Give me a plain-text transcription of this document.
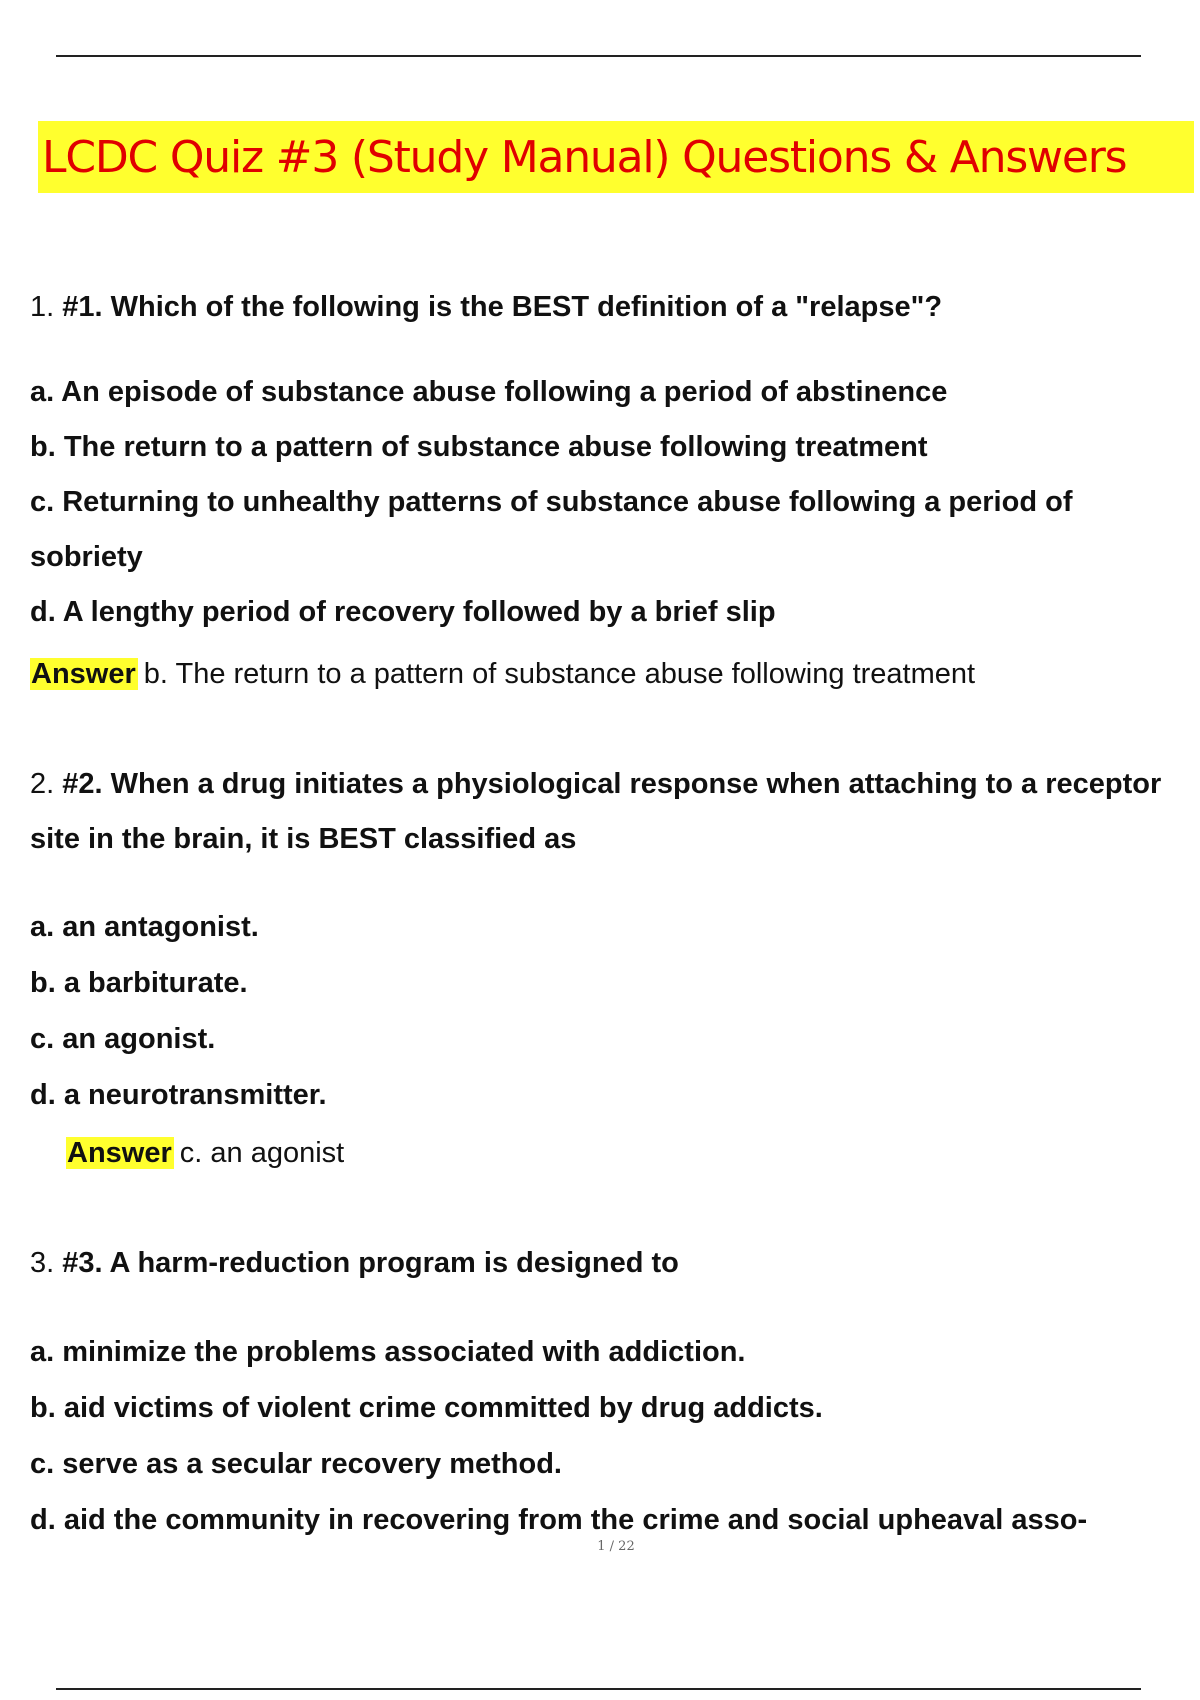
LCDC Quiz #3 (Study Manual) Questions & Answers
1. #1. Which of the following is the BEST definition of a "relapse"?
a. An episode of substance abuse following a period of abstinence
b. The return to a pattern of substance abuse following treatment
c. Returning to unhealthy patterns of substance abuse following a period of sobriety
d. A lengthy period of recovery followed by a brief slip
Answer b. The return to a pattern of substance abuse following treatment
2. #2. When a drug initiates a physiological response when attaching to a receptor site in the brain, it is BEST classified as
a. an antagonist.
b. a barbiturate.
c. an agonist.
d. a neurotransmitter.
Answer c. an agonist
3. #3. A harm-reduction program is designed to
a. minimize the problems associated with addiction.
b. aid victims of violent crime committed by drug addicts.
c. serve as a secular recovery method.
d. aid the community in recovering from the crime and social upheaval asso-
1 / 22
